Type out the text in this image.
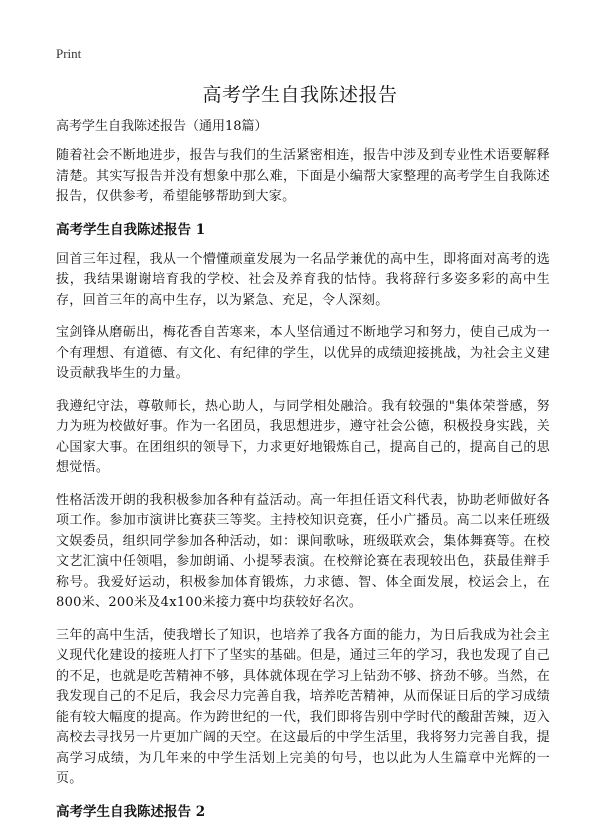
Print
高考学生自我陈述报告

高考学生自我陈述报告（通用18篇）

随着社会不断地进步，报告与我们的生活紧密相连，报告中涉及到专业性术语要解释清楚。其实写报告并没有想象中那么难，下面是小编帮大家整理的高考学生自我陈述报告，仅供参考，希望能够帮助到大家。

高考学生自我陈述报告 1

回首三年过程，我从一个懵懂顽童发展为一名品学兼优的高中生，即将面对高考的选拔，我结果谢谢培育我的学校、社会及养育我的怙恃。我将辞行多姿多彩的高中生存，回首三年的高中生存，以为紧急、充足，令人深刻。

宝剑锋从磨砺出，梅花香自苦寒来，本人坚信通过不断地学习和努力，使自己成为一个有理想、有道德、有文化、有纪律的学生，以优异的成绩迎接挑战，为社会主义建设贡献我毕生的力量。

我遵纪守法，尊敬师长，热心助人，与同学相处融洽。我有较强的"集体荣誉感，努力为班为校做好事。作为一名团员，我思想进步，遵守社会公德，积极投身实践，关心国家大事。在团组织的领导下，力求更好地锻炼自己，提高自己的，提高自己的思想觉悟。

性格活泼开朗的我积极参加各种有益活动。高一年担任语文科代表，协助老师做好各项工作。参加市演讲比赛获三等奖。主持校知识竞赛，任小广播员。高二以来任班级文娱委员，组织同学参加各种活动，如：课间歌咏，班级联欢会，集体舞赛等。在校文艺汇演中任领唱，参加朗诵、小提琴表演。在校辩论赛在表现较出色，获最佳辩手称号。我爱好运动，积极参加体育锻炼，力求德、智、体全面发展，校运会上，在800米、200米及4x100米接力赛中均获较好名次。

三年的高中生活，使我增长了知识，也培养了我各方面的能力，为日后我成为社会主义现代化建设的接班人打下了坚实的基础。但是，通过三年的学习，我也发现了自己的不足，也就是吃苦精神不够，具体就体现在学习上钻劲不够、挤劲不够。当然，在我发现自己的不足后，我会尽力完善自我，培养吃苦精神，从而保证日后的学习成绩能有较大幅度的提高。作为跨世纪的一代，我们即将告别中学时代的酸甜苦辣，迈入高校去寻找另一片更加广阔的天空。在这最后的中学生活里，我将努力完善自我，提高学习成绩，为几年来的中学生活划上完美的句号，也以此为人生篇章中光辉的一页。

高考学生自我陈述报告 2
